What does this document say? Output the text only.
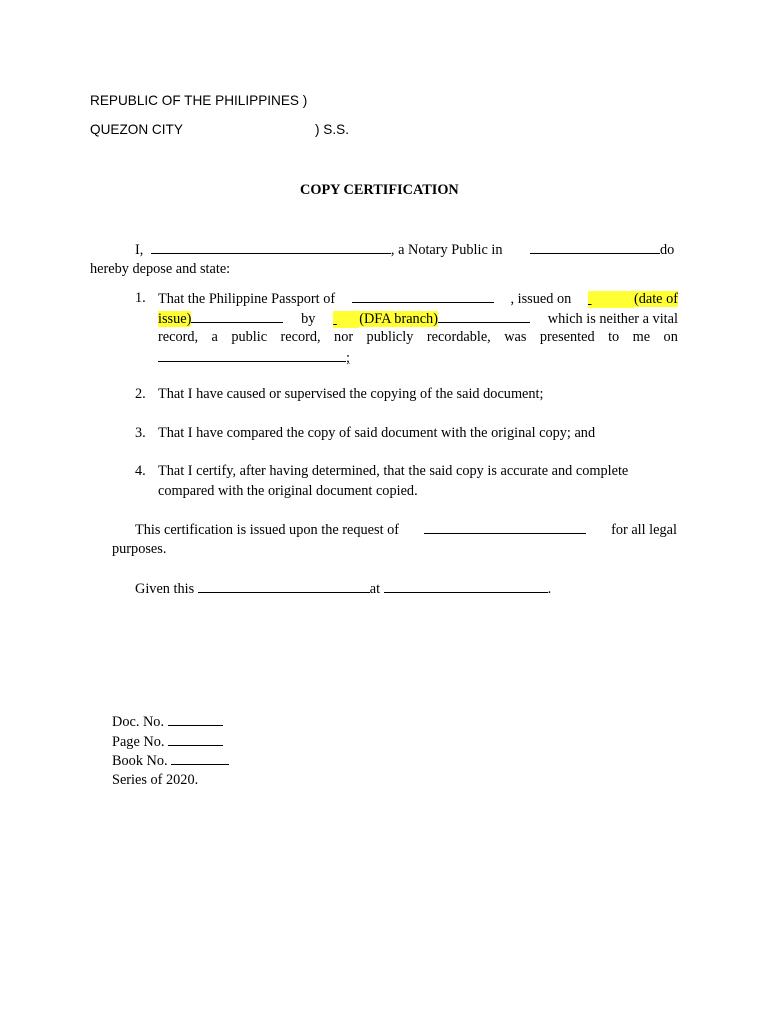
REPUBLIC OF THE PHILIPPINES )
QUEZON CITY	) S.S.
COPY CERTIFICATION
I,	, a Notary Public in	do
hereby depose and state:
1. That the Philippine Passport of	, issued on	(date of
issue)	by	(DFA branch)	which is neither a vital
record, a public record, nor publicly recordable, was presented to me on
;
2. That I have caused or supervised the copying of the said document;
3. That I have compared the copy of said document with the original copy; and
4. That I certify, after having determined, that the said copy is accurate and complete
compared with the original document copied.
This certification is issued upon the request of	for all legal
purposes.
Given this	at	.
Doc. No.
Page No.
Book No.
Series of 2020.
